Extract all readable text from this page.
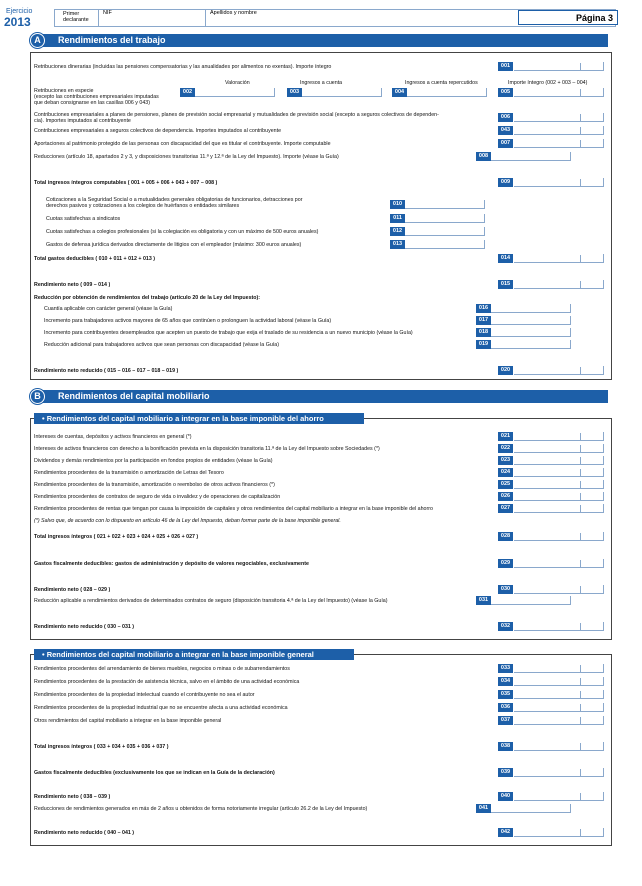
Ejercicio
2013
Primer declarante
NIF	Apellidos y nombre	Página 3
Rendimientos del trabajo
A
Retribuciones dinerarias (incluidas las pensiones compensatorias y las anualidades por alimentos no exentas). Importe íntegro	001
Valoración	Ingresos a cuenta	Ingresos a cuenta repercutidos	Importe íntegro (002 + 003 – 004)
Retribuciones en especie
(excepto las contribuciones empresariales imputadas
que deban consignarse en las casillas 006 y 043)
002	003	004	005
Contribuciones empresariales a planes de pensiones, planes de previsión social empresarial y mutualidades de previsión social (excepto a seguros colectivos de dependen-
cia). Importes imputados al contribuyente
006
Contribuciones empresariales a seguros colectivos de dependencia. Importes imputados al contribuyente	043
Aportaciones al patrimonio protegido de las personas con discapacidad del que es titular el contribuyente. Importe computable	007
Reducciones (artículo 18, apartados 2 y 3, y disposiciones transitorias 11.ª y 12.ª de la Ley del Impuesto). Importe (véase la Guía)	008
Total ingresos íntegros computables ( 001 + 005 + 006 + 043 + 007 – 008 )	009
Cotizaciones a la Seguridad Social o a mutualidades generales obligatorias de funcionarios, detracciones por
derechos pasivos y cotizaciones a los colegios de huérfanos o entidades similares	010
Cuotas satisfechas a sindicatos	011
Cuotas satisfechas a colegios profesionales (si la colegiación es obligatoria y con un máximo de 500 euros anuales)	012
Gastos de defensa jurídica derivados directamente de litigios con el empleador (máximo: 300 euros anuales)	013
Total gastos deducibles ( 010 + 011 + 012 + 013 )	014
Rendimiento neto ( 009 – 014 )	015
Reducción por obtención de rendimientos del trabajo (artículo 20 de la Ley del Impuesto):
Cuantía aplicable con carácter general (véase la Guía)	016
Incremento para trabajadores activos mayores de 65 años que continúen o prolonguen la actividad laboral (véase la Guía)	017
Incremento para contribuyentes desempleados que acepten un puesto de trabajo que exija el traslado de su residencia a un nuevo municipio (véase la Guía)	018
Reducción adicional para trabajadores activos que sean personas con discapacidad (véase la Guía)	019
Rendimiento neto reducido ( 015 – 016 – 017 – 018 – 019 )	020
Rendimientos del capital mobiliario
B
• Rendimientos del capital mobiliario a integrar en la base imponible del ahorro
Intereses de cuentas, depósitos y activos financieros en general (*)	021
Intereses de activos financieros con derecho a la bonificación prevista en la disposición transitoria 11.ª de la Ley del Impuesto sobre Sociedades (*)	022
Dividendos y demás rendimientos por la participación en fondos propios de entidades (véase la Guía)	023
Rendimientos procedentes de la transmisión o amortización de Letras del Tesoro	024
Rendimientos procedentes de la transmisión, amortización o reembolso de otros activos financieros (*)	025
Rendimientos procedentes de contratos de seguro de vida o invalidez y de operaciones de capitalización	026
Rendimientos procedentes de rentas que tengan por causa la imposición de capitales y otros rendimientos del capital mobiliario a integrar en la base imponible del ahorro	027
(*) Salvo que, de acuerdo con lo dispuesto en artículo 46 de la Ley del Impuesto, deban formar parte de la base imponible general.
Total ingresos íntegros ( 021 + 022 + 023 + 024 + 025 + 026 + 027 )	028
Gastos fiscalmente deducibles: gastos de administración y depósito de valores negociables, exclusivamente	029
Rendimiento neto ( 028 – 029 )	030
Reducción aplicable a rendimientos derivados de determinados contratos de seguro (disposición transitoria 4.ª de la Ley del Impuesto) (véase la Guía)	031
Rendimiento neto reducido ( 030 – 031 )	032
• Rendimientos del capital mobiliario a integrar en la base imponible general
Rendimientos procedentes del arrendamiento de bienes muebles, negocios o minas o de subarrendamientos	033
Rendimientos procedentes de la prestación de asistencia técnica, salvo en el ámbito de una actividad económica	034
Rendimientos procedentes de la propiedad intelectual cuando el contribuyente no sea el autor	035
Rendimientos procedentes de la propiedad industrial que no se encuentre afecta a una actividad económica	036
Otros rendimientos del capital mobiliario a integrar en la base imponible general	037
Total ingresos íntegros ( 033 + 034 + 035 + 036 + 037 )	038
Gastos fiscalmente deducibles (exclusivamente los que se indican en la Guía de la declaración)	039
Rendimiento neto ( 038 – 039 )	040
Reducciones de rendimientos generados en más de 2 años u obtenidos de forma notoriamente irregular (artículo 26.2 de la Ley del Impuesto)	041
Rendimiento neto reducido ( 040 – 041 )	042
